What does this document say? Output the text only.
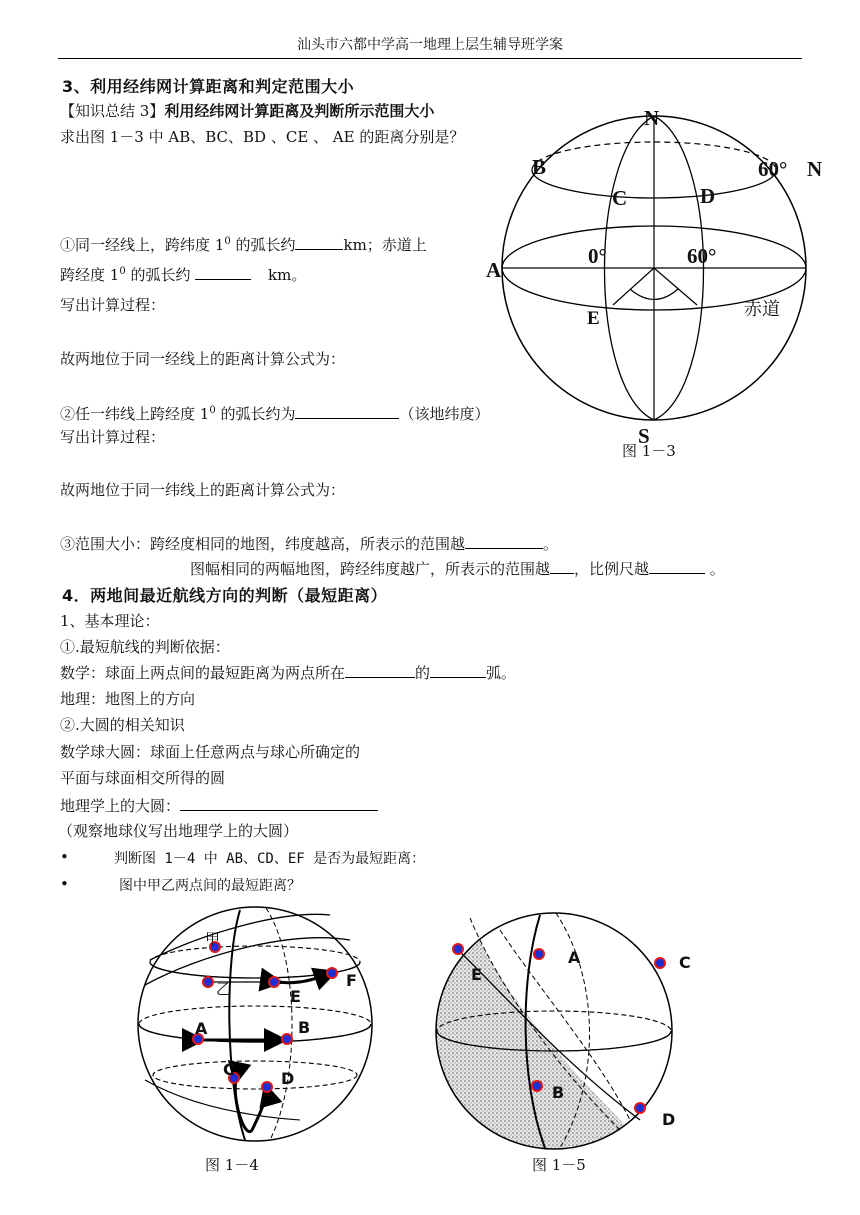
汕头市六都中学高一地理上层生辅导班学案
3、利用经纬网计算距离和判定范围大小
【知识总结 3】利用经纬网计算距离及判断所示范围大小
求出图 1－3 中 AB、BC、BD 、CE 、 AE 的距离分别是？
①同一经线上，跨纬度 $1^0$ 的弧长约	km；赤道上
跨经度 $1^0$ 的弧长约	km。
写出计算过程：
故两地位于同一经线上的距离计算公式为：
②任一纬线上跨经度 $1^0$ 的弧长约为	（该地纬度）
写出计算过程：
故两地位于同一纬线上的距离计算公式为：
③范围大小：跨经度相同的地图，纬度越高，所表示的范围越	。
图幅相同的两幅地图，跨经纬度越广，所表示的范围越 ，比例尺越	。
4．两地间最近航线方向的判断（最短距离）
1、基本理论：
①.最短航线的判断依据：
数学：球面上两点间的最短距离为两点所在	的	弧。
地理：地图上的方向
②.大圆的相关知识
数学球大圆：球面上任意两点与球心所确定的
平面与球面相交所得的圆
地理学上的大圆：
（观察地球仪写出地理学上的大圆）
•	判断图 1－4 中 AB、CD、EF 是否为最短距离：
•	图中甲乙两点间的最短距离？
N
S
A
B
C	D
E
60° N
0°	60°
赤道
图 1－3
甲
乙	E
F
A	B
C	D
图 1－4
A	C
E
B
D
图 1－5
